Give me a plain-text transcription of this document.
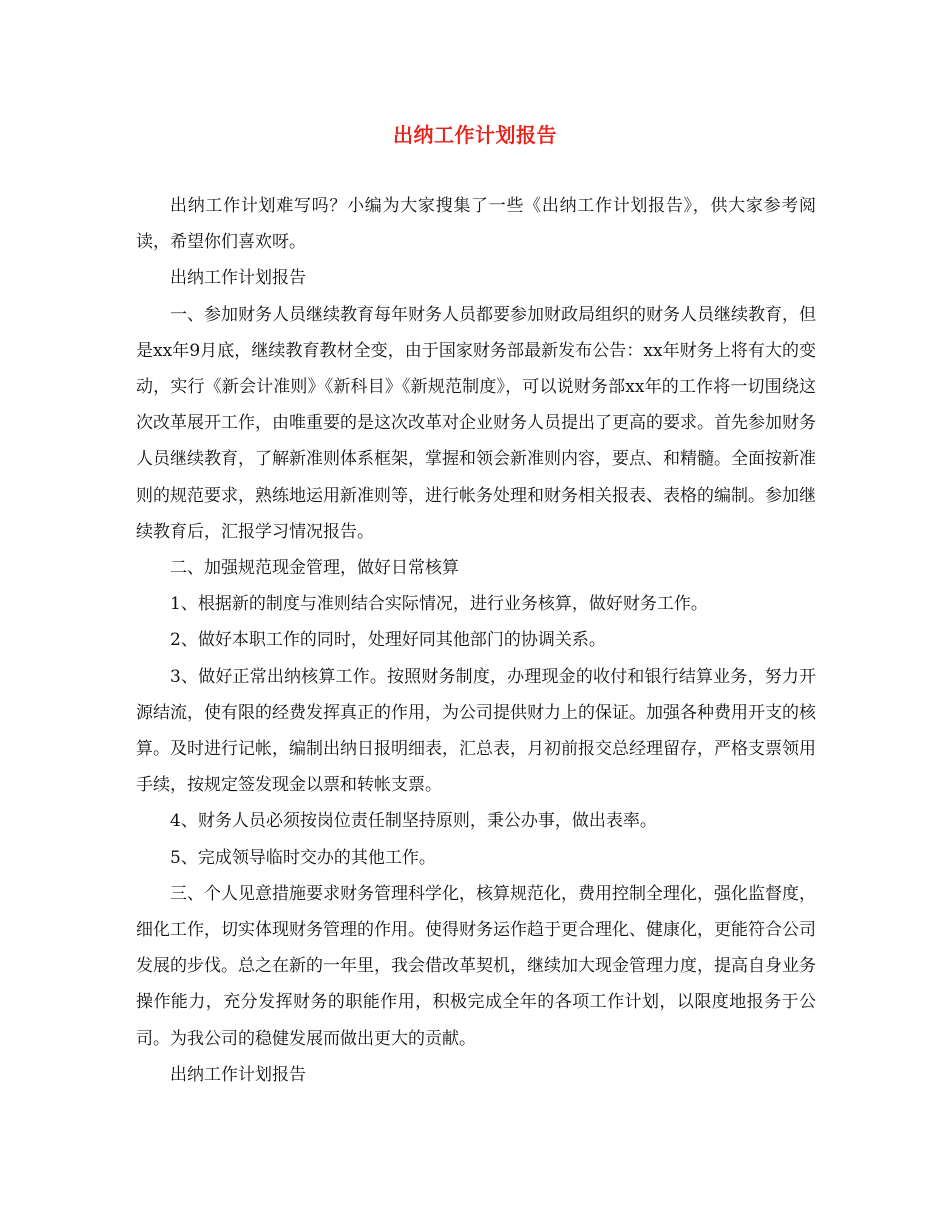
出纳工作计划报告

出纳工作计划难写吗？小编为大家搜集了一些《出纳工作计划报告》，供大家参考阅读，希望你们喜欢呀。

出纳工作计划报告

一、参加财务人员继续教育每年财务人员都要参加财政局组织的财务人员继续教育，但是xx年9月底，继续教育教材全变，由于国家财务部最新发布公告：xx年财务上将有大的变动，实行《新会计准则》《新科目》《新规范制度》，可以说财务部xx年的工作将一切围绕这次改革展开工作，由唯重要的是这次改革对企业财务人员提出了更高的要求。首先参加财务人员继续教育，了解新准则体系框架，掌握和领会新准则内容，要点、和精髓。全面按新准则的规范要求，熟练地运用新准则等，进行帐务处理和财务相关报表、表格的编制。参加继续教育后，汇报学习情况报告。

二、加强规范现金管理，做好日常核算

1、根据新的制度与准则结合实际情况，进行业务核算，做好财务工作。

2、做好本职工作的同时，处理好同其他部门的协调关系。

3、做好正常出纳核算工作。按照财务制度，办理现金的收付和银行结算业务，努力开源结流，使有限的经费发挥真正的作用，为公司提供财力上的保证。加强各种费用开支的核算。及时进行记帐，编制出纳日报明细表，汇总表，月初前报交总经理留存，严格支票领用手续，按规定签发现金以票和转帐支票。

4、财务人员必须按岗位责任制坚持原则，秉公办事，做出表率。

5、完成领导临时交办的其他工作。

三、个人见意措施要求财务管理科学化，核算规范化，费用控制全理化，强化监督度，细化工作，切实体现财务管理的作用。使得财务运作趋于更合理化、健康化，更能符合公司发展的步伐。总之在新的一年里，我会借改革契机，继续加大现金管理力度，提高自身业务操作能力，充分发挥财务的职能作用，积极完成全年的各项工作计划，以限度地报务于公司。为我公司的稳健发展而做出更大的贡献。

出纳工作计划报告
